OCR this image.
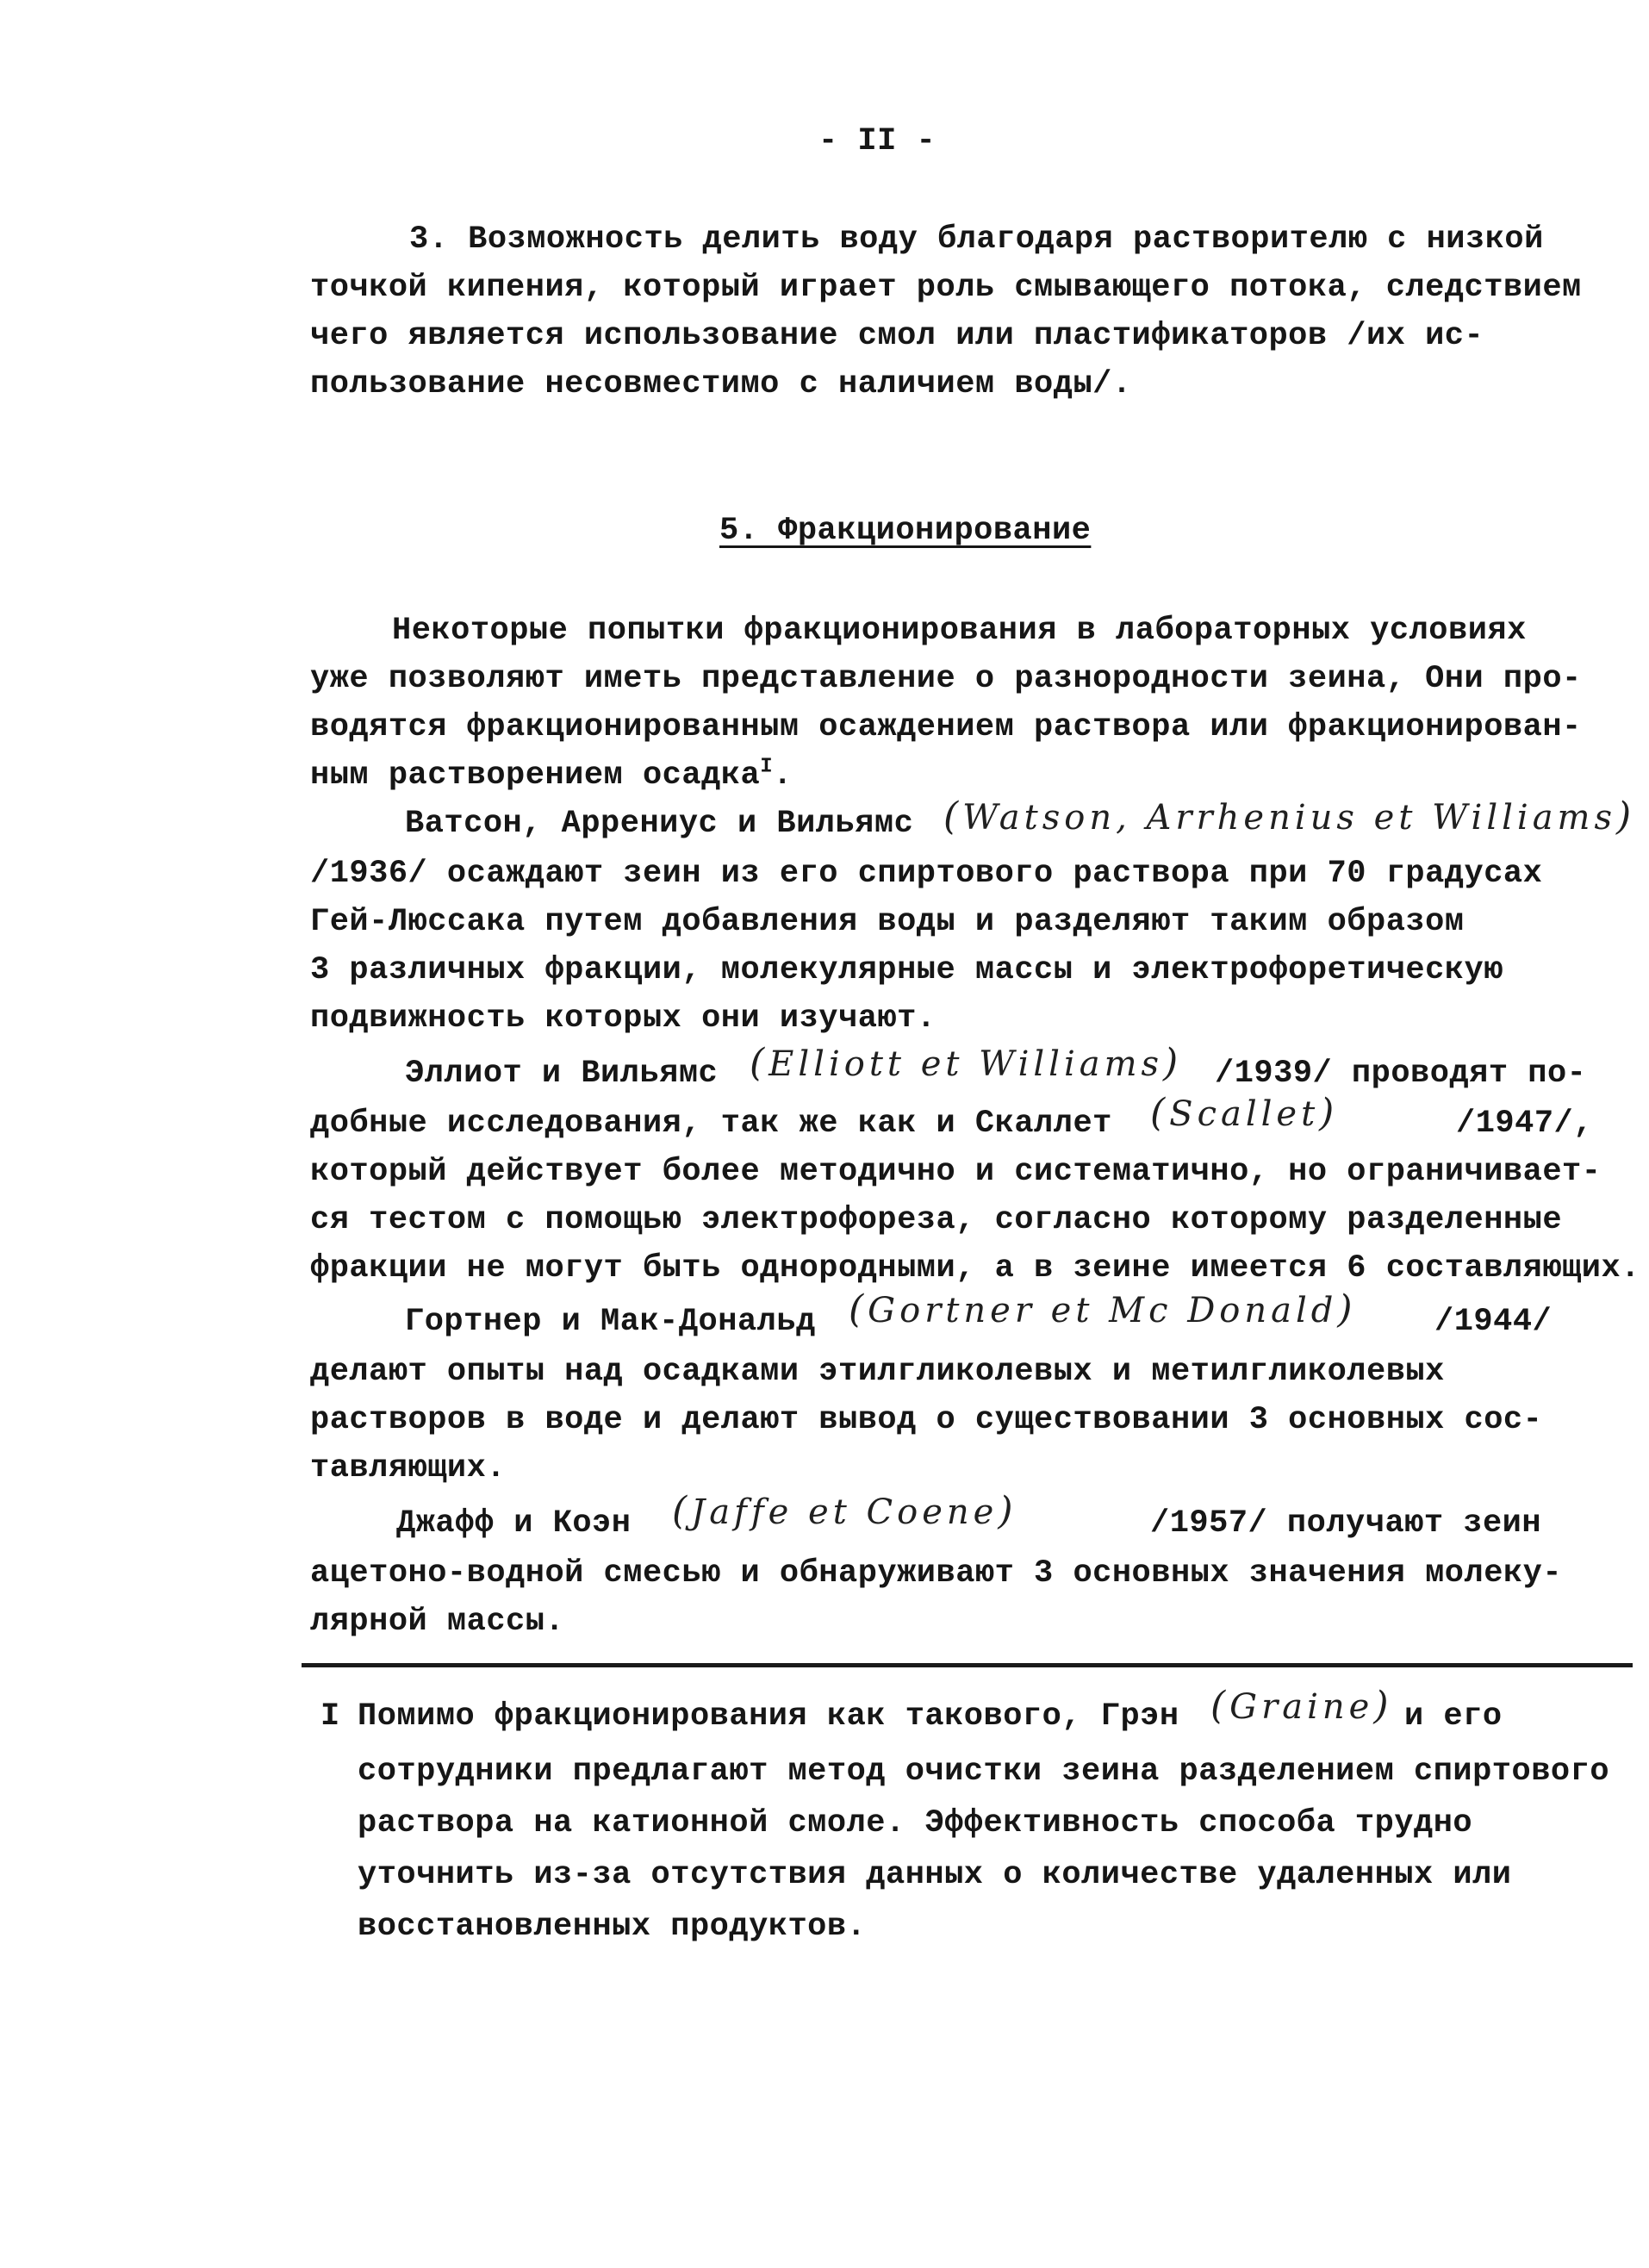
- II -
3. Возможность делить воду благодаря растворителю с низкой
точкой кипения, который играет роль смывающего потока, следствием
чего является использование смол или пластификаторов /их ис-
пользование несовместимо с наличием воды/.
5. Фракционирование
Некоторые попытки фракционирования в лабораторных условиях
уже позволяют иметь представление о разнородности зеина, Они про-
водятся фракционированным осаждением раствора или фракционирован-
ным растворением осадка$^I$.
Ватсон, Аррениус и Вильямс (Watson, Arrhenius et Williams)
/1936/ осаждают зеин из его спиртового раствора при 70 градусах
Гей-Люссака путем добавления воды и разделяют таким образом
3 различных фракции, молекулярные массы и электрофоретическую
подвижность которых они изучают.
Эллиот и Вильямс (Elliott et Williams) /1939/ проводят по-
добные исследования, так же как и Скаллет (Scallet)	/1947/,
который действует более методично и систематично, но ограничивает-
ся тестом с помощью электрофореза, согласно которому разделенные
фракции не могут быть однородными, а в зеине имеется 6 составляющих.
Гортнер и Мак-Дональд (Gortner et Mc Donald) /1944/
делают опыты над осадками этилгликолевых и метилгликолевых
растворов в воде и делают вывод о существовании 3 основных сос-
тавляющих.
Джафф и Коэн (Jaffe et Coene)	/1957/ получают зеин
ацетоно-водной смесью и обнаруживают 3 основных значения молеку-
лярной массы.
I Помимо фракционирования как такового, Грэн (Graine) и его
сотрудники предлагают метод очистки зеина разделением спиртового
раствора на катионной смоле. Эффективность способа трудно
уточнить из-за отсутствия данных о количестве удаленных или
восстановленных продуктов.
